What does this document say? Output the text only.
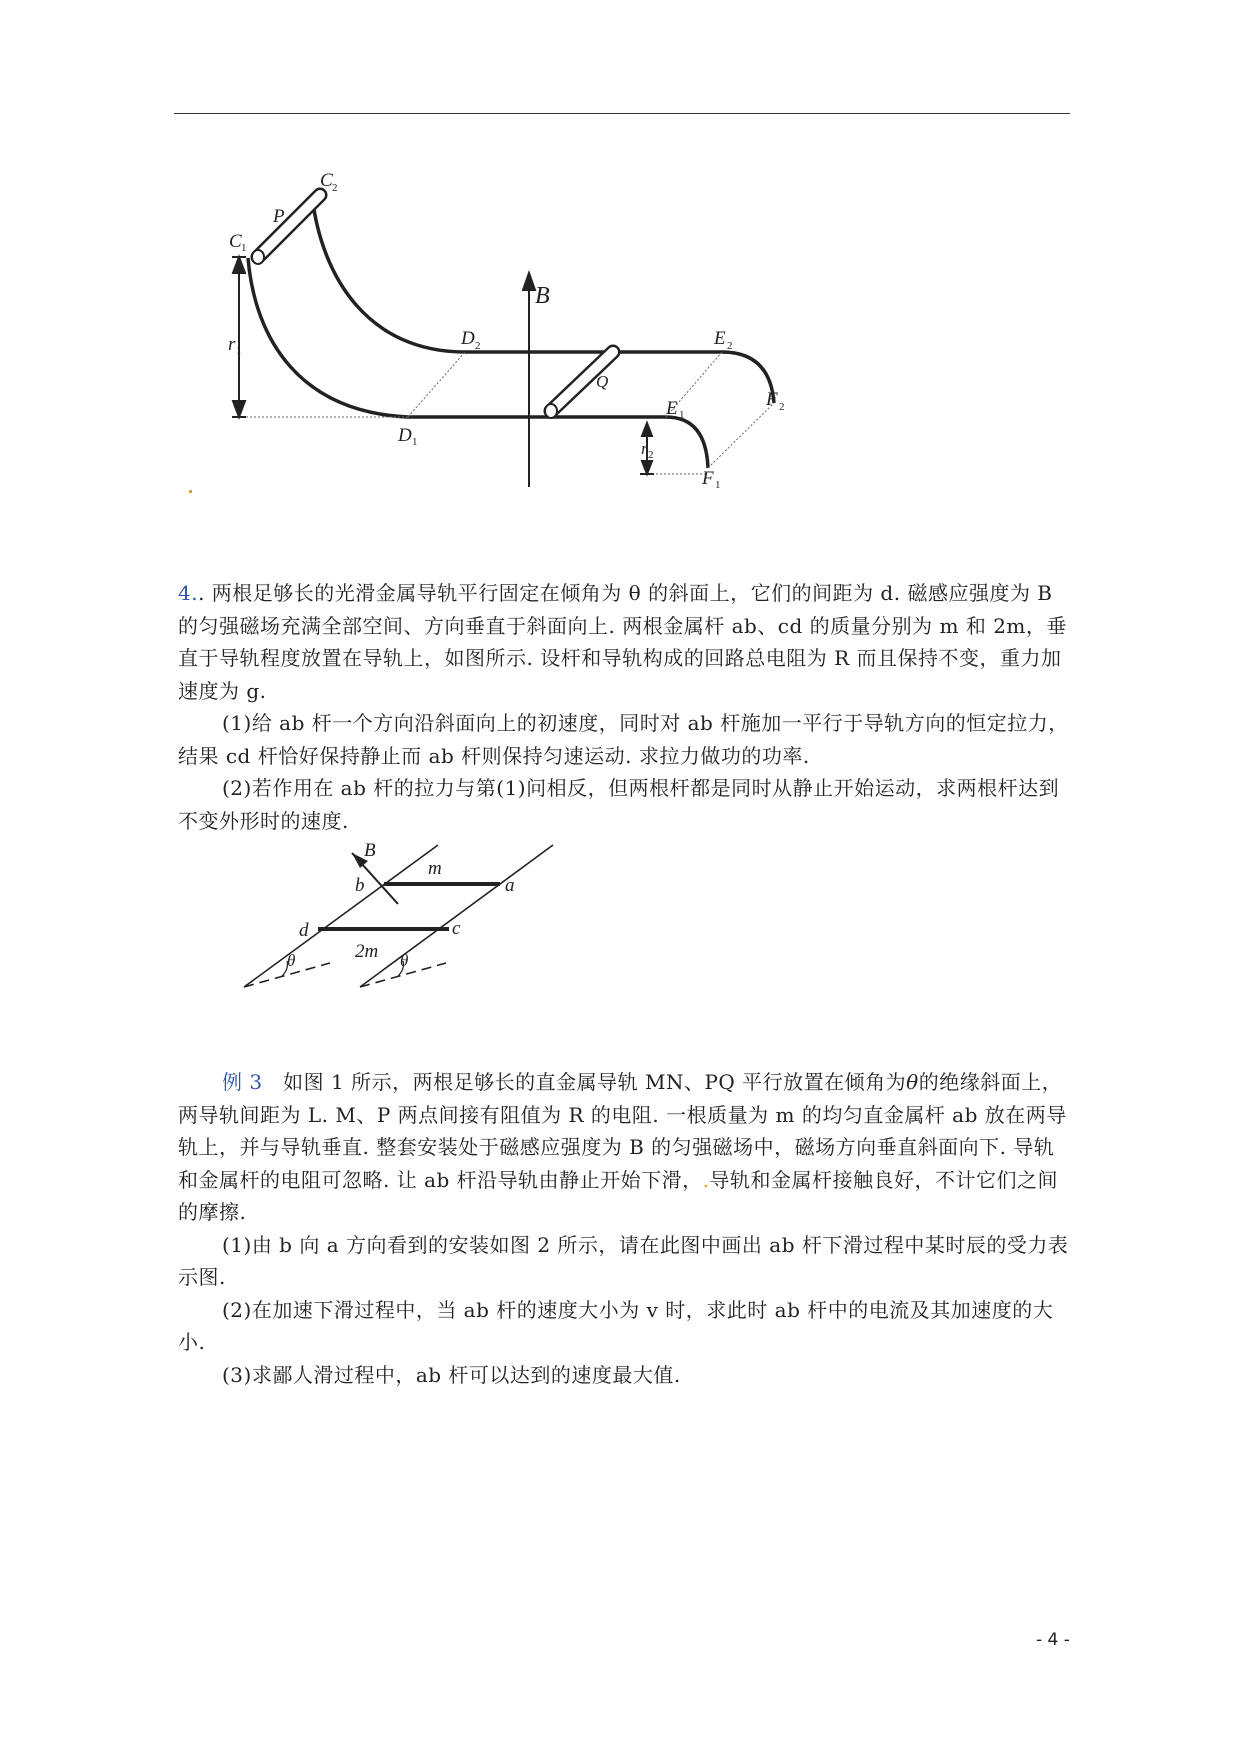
C 2
C 1
P
B
D 2
D 1
E 2
E 1
F 2
F 1
Q
r 1
r 2

4.. 两根足够长的光滑金属导轨平行固定在倾角为 θ 的斜面上，它们的间距为 d. 磁感应强度为 B 的匀强磁场充满全部空间、方向垂直于斜面向上. 两根金属杆 ab、cd 的质量分别为 m 和 2m，垂直于导轨程度放置在导轨上，如图所示. 设杆和导轨构成的回路总电阻为 R 而且保持不变，重力加速度为 g.

(1)给 ab 杆一个方向沿斜面向上的初速度，同时对 ab 杆施加一平行于导轨方向的恒定拉力，结果 cd 杆恰好保持静止而 ab 杆则保持匀速运动. 求拉力做功的功率.

(2)若作用在 ab 杆的拉力与第(1)问相反，但两根杆都是同时从静止开始运动，求两根杆达到不变外形时的速度.

B
m
b	a
d	c
2m
θ	θ

例 3 如图 1 所示，两根足够长的直金属导轨 MN、PQ 平行放置在倾角为θ的绝缘斜面上，两导轨间距为 L. M、P 两点间接有阻值为 R 的电阻. 一根质量为 m 的均匀直金属杆 ab 放在两导轨上，并与导轨垂直. 整套安装处于磁感应强度为 B 的匀强磁场中，磁场方向垂直斜面向下. 导轨和金属杆的电阻可忽略. 让 ab 杆沿导轨由静止开始下滑，.导轨和金属杆接触良好，不计它们之间的摩擦.

(1)由 b 向 a 方向看到的安装如图 2 所示，请在此图中画出 ab 杆下滑过程中某时辰的受力表示图.

(2)在加速下滑过程中，当 ab 杆的速度大小为 v 时，求此时 ab 杆中的电流及其加速度的大小.

(3)求鄙人滑过程中，ab 杆可以达到的速度最大值.

- 4 -
